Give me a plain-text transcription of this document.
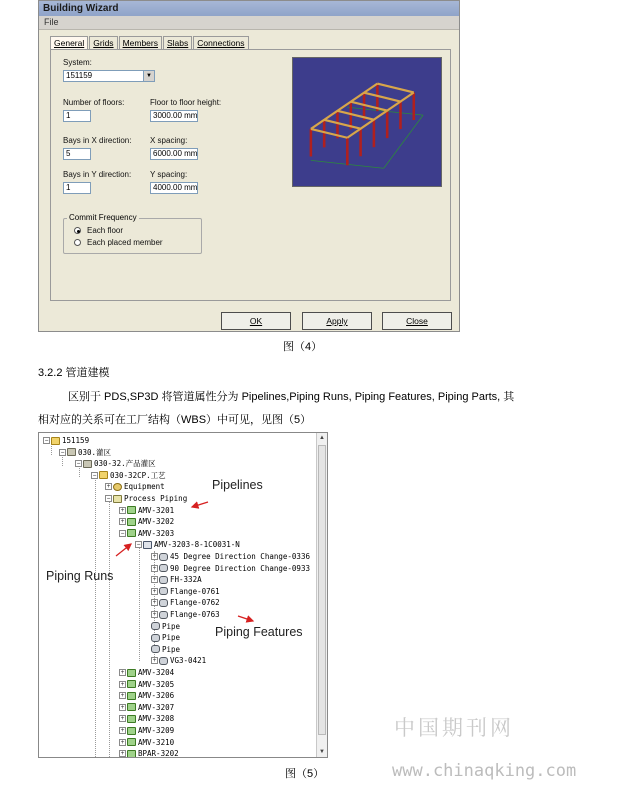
Building Wizard
File
General	Grids	Members	Slabs	Connections
System:
151159	▼
Number of floors:
1
Floor to floor height:
3000.00 mm
Bays in X direction:
5
X spacing:
6000.00 mm
Bays in Y direction:
1
Y spacing:
4000.00 mm
Commit Frequency
Each floor
Each placed member
OK	Apply	Close
图（4）
3.2.2 管道建模
区别于 PDS,SP3D 将管道属性分为 Pipelines,Piping Runs, Piping Features, Piping Parts, 其
相对应的关系可在工厂结构（WBS）中可见，见图（5）
− 151159
− 030.灌区
− 030-32.产品灌区
− 030-32CP.工艺
+ Equipment
− Process Piping
+ AMV-3201
+ AMV-3202
− AMV-3203
− AMV-3203-8-1C0031-N
+ 45 Degree Direction Change-0336
+ 90 Degree Direction Change-0933
+ FH-332A
+ Flange-0761
+ Flange-0762
+ Flange-0763
Pipe
Pipe
Pipe
+ VG3-0421
+ AMV-3204
+ AMV-3205
+ AMV-3206
+ AMV-3207
+ AMV-3208
+ AMV-3209
+ AMV-3210
+ BPAR-3202
▲
▼
Pipelines
Piping Runs
Piping Features
图（5）
中国期刊网
www.chinaqking.com
